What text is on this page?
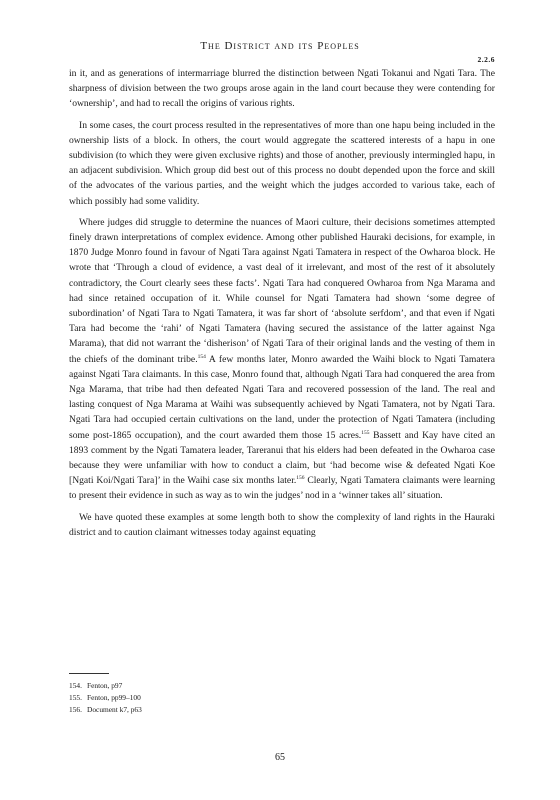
The District and its Peoples
2.2.6

in it, and as generations of intermarriage blurred the distinction between Ngati Tokanui and Ngati Tara. The sharpness of division between the two groups arose again in the land court because they were contending for ‘ownership’, and had to recall the origins of various rights.

In some cases, the court process resulted in the representatives of more than one hapu being included in the ownership lists of a block. In others, the court would aggregate the scattered interests of a hapu in one subdivision (to which they were given exclusive rights) and those of another, previously intermingled hapu, in an adjacent subdivision. Which group did best out of this process no doubt depended upon the force and skill of the advocates of the various parties, and the weight which the judges accorded to various take, each of which possibly had some validity.

Where judges did struggle to determine the nuances of Maori culture, their decisions sometimes attempted finely drawn interpretations of complex evidence. Among other published Hauraki decisions, for example, in 1870 Judge Monro found in favour of Ngati Tara against Ngati Tamatera in respect of the Owharoa block. He wrote that ‘Through a cloud of evidence, a vast deal of it irrelevant, and most of the rest of it absolutely contradictory, the Court clearly sees these facts’. Ngati Tara had conquered Owharoa from Nga Marama and had since retained occupation of it. While counsel for Ngati Tamatera had shown ‘some degree of subordination’ of Ngati Tara to Ngati Tamatera, it was far short of ‘absolute serfdom’, and that even if Ngati Tara had become the ‘rahi’ of Ngati Tamatera (having secured the assistance of the latter against Nga Marama), that did not warrant the ‘disherison’ of Ngati Tara of their original lands and the vesting of them in the chiefs of the dominant tribe.$^{154}$ A few months later, Monro awarded the Waihi block to Ngati Tamatera against Ngati Tara claimants. In this case, Monro found that, although Ngati Tara had conquered the area from Nga Marama, that tribe had then defeated Ngati Tara and recovered possession of the land. The real and lasting conquest of Nga Marama at Waihi was subsequently achieved by Ngati Tamatera, not by Ngati Tara. Ngati Tara had occupied certain cultivations on the land, under the protection of Ngati Tamatera (including some post-1865 occupation), and the court awarded them those 15 acres.$^{155}$ Bassett and Kay have cited an 1893 comment by the Ngati Tamatera leader, Tareranui that his elders had been defeated in the Owharoa case because they were unfamiliar with how to conduct a claim, but ‘had become wise & defeated Ngati Koe [Ngati Koi/Ngati Tara]’ in the Waihi case six months later.$^{156}$ Clearly, Ngati Tamatera claimants were learning to present their evidence in such as way as to win the judges’ nod in a ‘winner takes all’ situation.

We have quoted these examples at some length both to show the complexity of land rights in the Hauraki district and to caution claimant witnesses today against equating

154. Fenton, p97
155. Fenton, pp99–100
156. Document k7, p63
65
